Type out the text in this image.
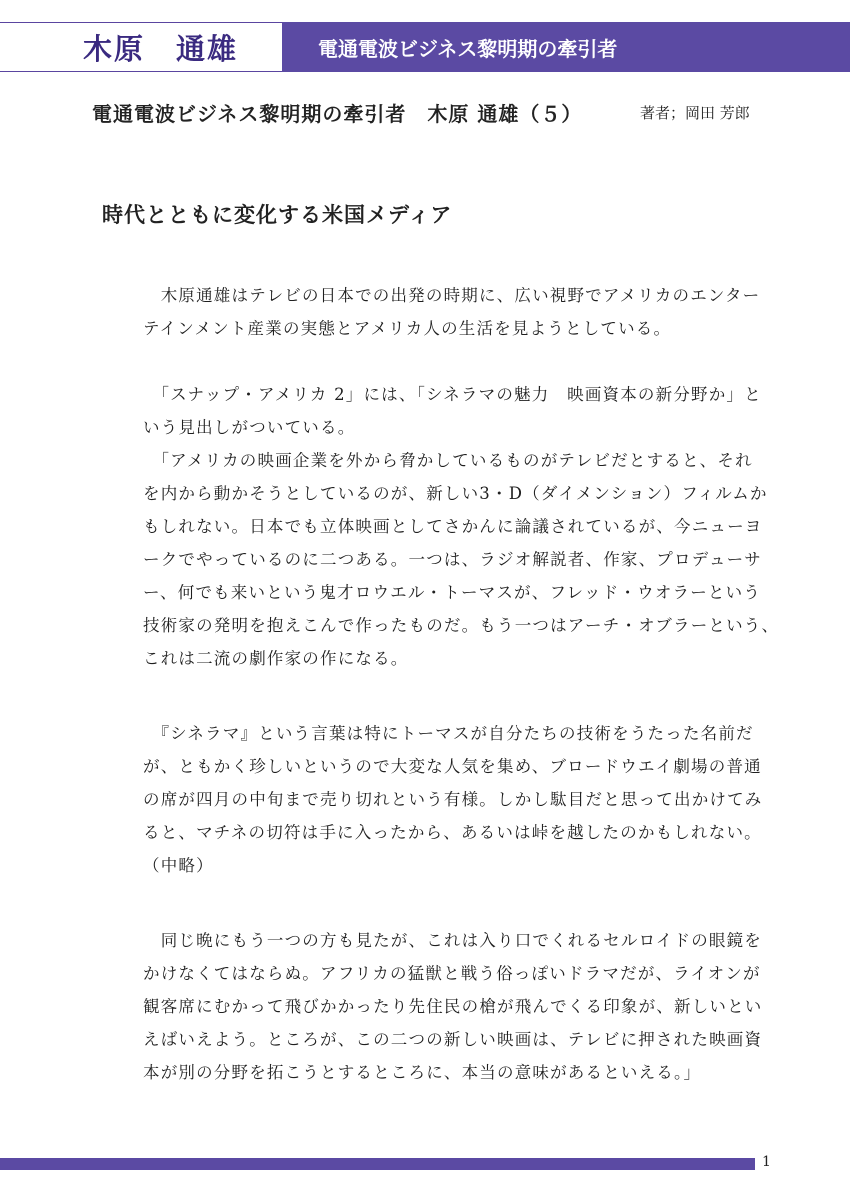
木原　通雄	電通電波ビジネス黎明期の牽引者
電通電波ビジネス黎明期の牽引者　木原 通雄（５）	著者；岡田 芳郎
時代とともに変化する米国メディア
　木原通雄はテレビの日本での出発の時期に、広い視野でアメリカのエンター
テインメント産業の実態とアメリカ人の生活を見ようとしている。
　「スナップ・アメリカ 2」には、「シネラマの魅力　映画資本の新分野か」と
いう見出しがついている。
　「アメリカの映画企業を外から脅かしているものがテレビだとすると、それ
を内から動かそうとしているのが、新しい3・D（ダイメンション）フィルムか
もしれない。日本でも立体映画としてさかんに論議されているが、今ニューヨ
ークでやっているのに二つある。一つは、ラジオ解説者、作家、プロデューサ
ー、何でも来いという鬼才ロウエル・トーマスが、フレッド・ウオラーという
技術家の発明を抱えこんで作ったものだ。もう一つはアーチ・オブラーという、
これは二流の劇作家の作になる。
　『シネラマ』という言葉は特にトーマスが自分たちの技術をうたった名前だ
が、ともかく珍しいというので大変な人気を集め、ブロードウエイ劇場の普通
の席が四月の中旬まで売り切れという有様。しかし駄目だと思って出かけてみ
ると、マチネの切符は手に入ったから、あるいは峠を越したのかもしれない。
（中略）
　同じ晩にもう一つの方も見たが、これは入り口でくれるセルロイドの眼鏡を
かけなくてはならぬ。アフリカの猛獣と戦う俗っぽいドラマだが、ライオンが
観客席にむかって飛びかかったり先住民の槍が飛んでくる印象が、新しいとい
えばいえよう。ところが、この二つの新しい映画は、テレビに押された映画資
本が別の分野を拓こうとするところに、本当の意味があるといえる。」
1
